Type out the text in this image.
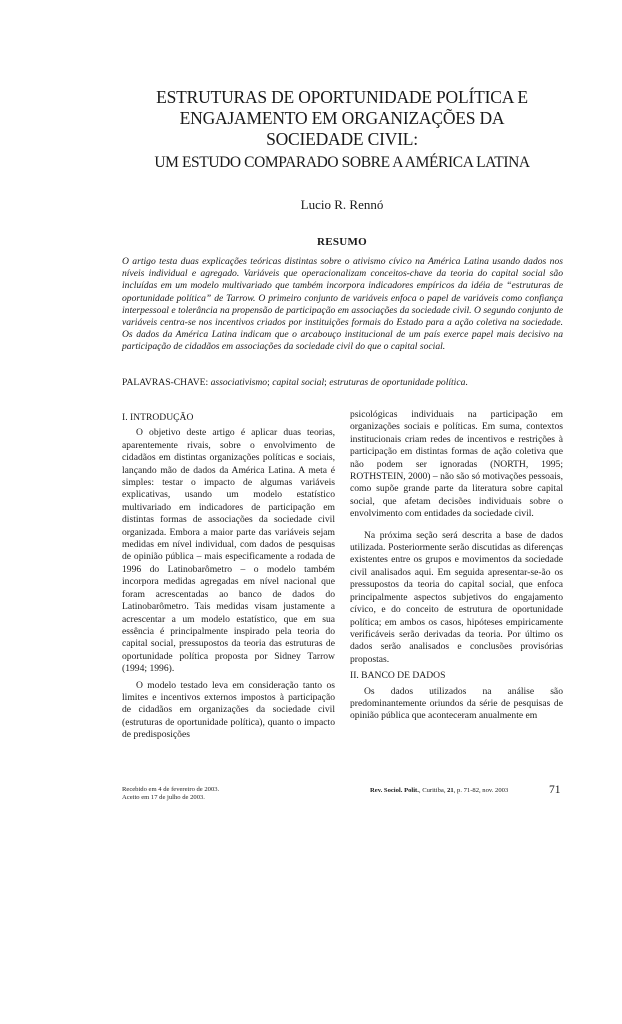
ESTRUTURAS DE OPORTUNIDADE POLÍTICA E
ENGAJAMENTO EM ORGANIZAÇÕES DA
SOCIEDADE CIVIL:
UM ESTUDO COMPARADO SOBRE A AMÉRICA LATINA
Lucio R. Rennó
RESUMO
O artigo testa duas explicações teóricas distintas sobre o ativismo cívico na América Latina usando dados nos níveis individual e agregado. Variáveis que operacionalizam conceitos-chave da teoria do capital social são incluídas em um modelo multivariado que também incorpora indicadores empíricos da idéia de “estruturas de oportunidade política” de Tarrow. O primeiro conjunto de variáveis enfoca o papel de variáveis como confiança interpessoal e tolerância na propensão de participação em associações da sociedade civil. O segundo conjunto de variáveis centra-se nos incentivos criados por instituições formais do Estado para a ação coletiva na sociedade. Os dados da América Latina indicam que o arcabouço institucional de um país exerce papel mais decisivo na participação de cidadãos em associações da sociedade civil do que o capital social.
PALAVRAS-CHAVE: associativismo; capital social; estruturas de oportunidade política.
I. INTRODUÇÃO

O objetivo deste artigo é aplicar duas teorias, aparentemente rivais, sobre o envolvimento de cidadãos em distintas organizações políticas e sociais, lançando mão de dados da América Latina. A meta é simples: testar o impacto de algumas variáveis explicativas, usando um modelo estatístico multivariado em indicadores de participação em distintas formas de associações da sociedade civil organizada. Embora a maior parte das variáveis sejam medidas em nível individual, com dados de pesquisas de opinião pública – mais especificamente a rodada de 1996 do Latinobarômetro – o modelo também incorpora medidas agregadas em nível nacional que foram acrescentadas ao banco de dados do Latinobarômetro. Tais medidas visam justamente a acrescentar a um modelo estatístico, que em sua essência é principalmente inspirado pela teoria do capital social, pressupostos da teoria das estruturas de oportunidade política proposta por Sidney Tarrow (1994; 1996).

O modelo testado leva em consideração tanto os limites e incentivos externos impostos à participação de cidadãos em organizações da sociedade civil (estruturas de oportunidade política), quanto o impacto de predisposições

psicológicas individuais na participação em organizações sociais e políticas. Em suma, contextos institucionais criam redes de incentivos e restrições à participação em distintas formas de ação coletiva que não podem ser ignoradas (NORTH, 1995; ROTHSTEIN, 2000) – não são só motivações pessoais, como supõe grande parte da literatura sobre capital social, que afetam decisões individuais sobre o envolvimento com entidades da sociedade civil.

Na próxima seção será descrita a base de dados utilizada. Posteriormente serão discutidas as diferenças existentes entre os grupos e movimentos da sociedade civil analisados aqui. Em seguida apresentar-se-ão os pressupostos da teoria do capital social, que enfoca principalmente aspectos subjetivos do engajamento cívico, e do conceito de estrutura de oportunidade política; em ambos os casos, hipóteses empiricamente verificáveis serão derivadas da teoria. Por último os dados serão analisados e conclusões provisórias propostas.

II. BANCO DE DADOS

Os dados utilizados na análise são predominantemente oriundos da série de pesquisas de opinião pública que aconteceram anualmente em

Recebido em 4 de fevereiro de 2003.
Aceito em 17 de julho de 2003.
Rev. Sociol. Polit., Curitiba, 21, p. 71-82, nov. 2003	71
